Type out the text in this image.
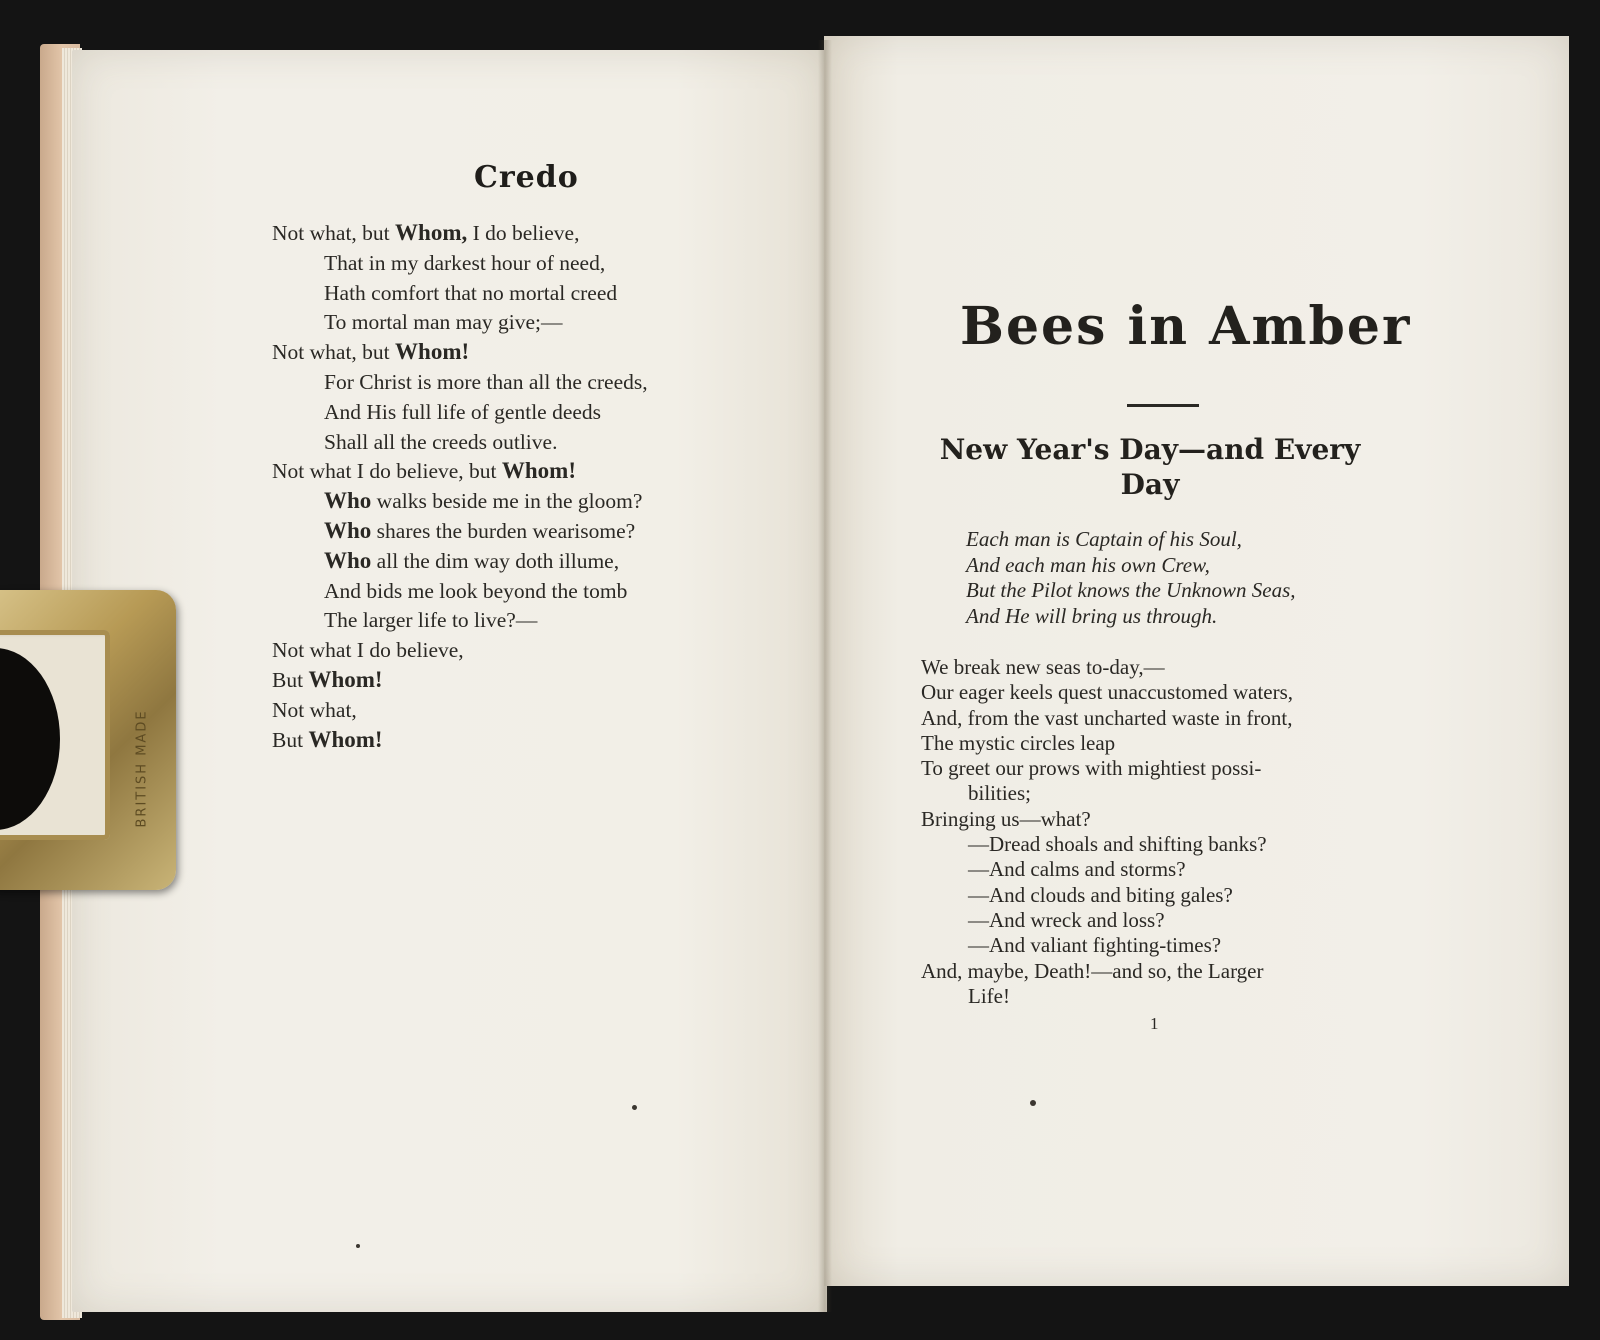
Credo
Not what, but Whom, I do believe,
That in my darkest hour of need,
Hath comfort that no mortal creed
To mortal man may give;—
Not what, but Whom!
For Christ is more than all the creeds,
And His full life of gentle deeds
Shall all the creeds outlive.
Not what I do believe, but Whom!
Who walks beside me in the gloom?
Who shares the burden wearisome?
Who all the dim way doth illume,
And bids me look beyond the tomb
The larger life to live?—
Not what I do believe,
But Whom!
Not what,
But Whom!
Bees in Amber
New Year's Day—and Every Day
Each man is Captain of his Soul,
And each man his own Crew,
But the Pilot knows the Unknown Seas,
And He will bring us through.
We break new seas to-day,—
Our eager keels quest unaccustomed waters,
And, from the vast uncharted waste in front,
The mystic circles leap
To greet our prows with mightiest possi-
bilities;
Bringing us—what?
—Dread shoals and shifting banks?
—And calms and storms?
—And clouds and biting gales?
—And wreck and loss?
—And valiant fighting-times?
And, maybe, Death!—and so, the Larger
Life!
1
BRITISH MADE
